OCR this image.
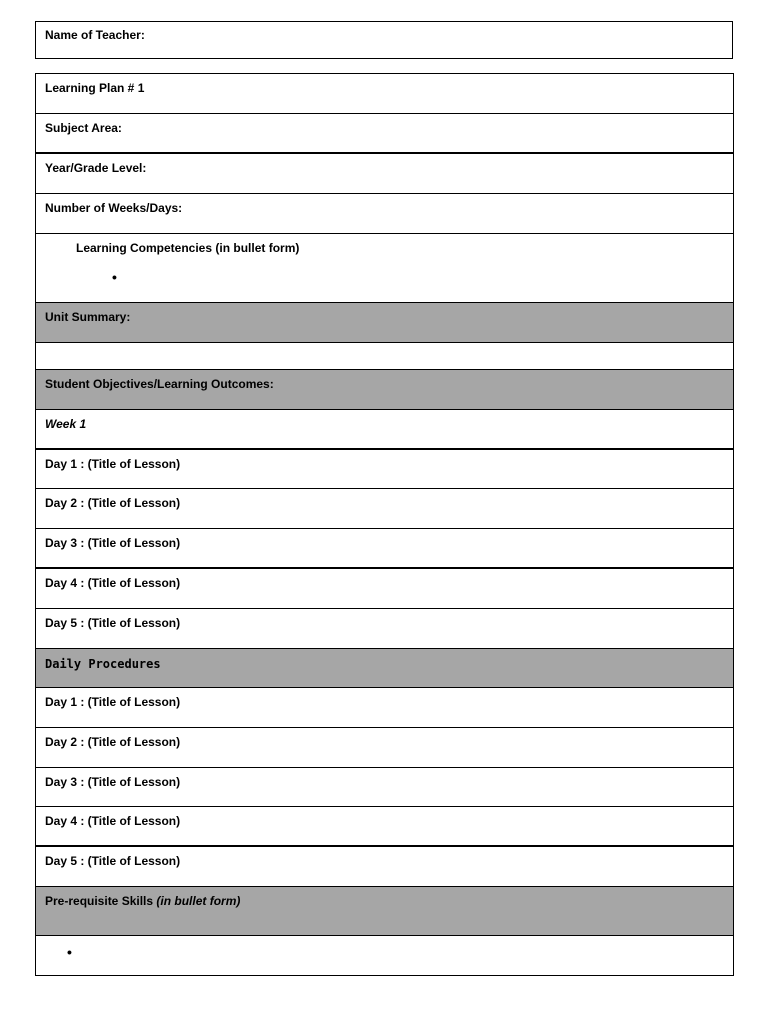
Name of Teacher:
Learning Plan # 1
Subject Area:
Year/Grade Level:
Number of Weeks/Days:
Learning Competencies (in bullet form)
•
Unit Summary:
Student Objectives/Learning Outcomes:
Week 1
Day 1 : (Title of Lesson)
Day 2 : (Title of Lesson)
Day 3 : (Title of Lesson)
Day 4 : (Title of Lesson)
Day 5 : (Title of Lesson)
Daily Procedures
Day 1 : (Title of Lesson)
Day 2 : (Title of Lesson)
Day 3 : (Title of Lesson)
Day 4 : (Title of Lesson)
Day 5 : (Title of Lesson)
Pre-requisite Skills (in bullet form)
•
